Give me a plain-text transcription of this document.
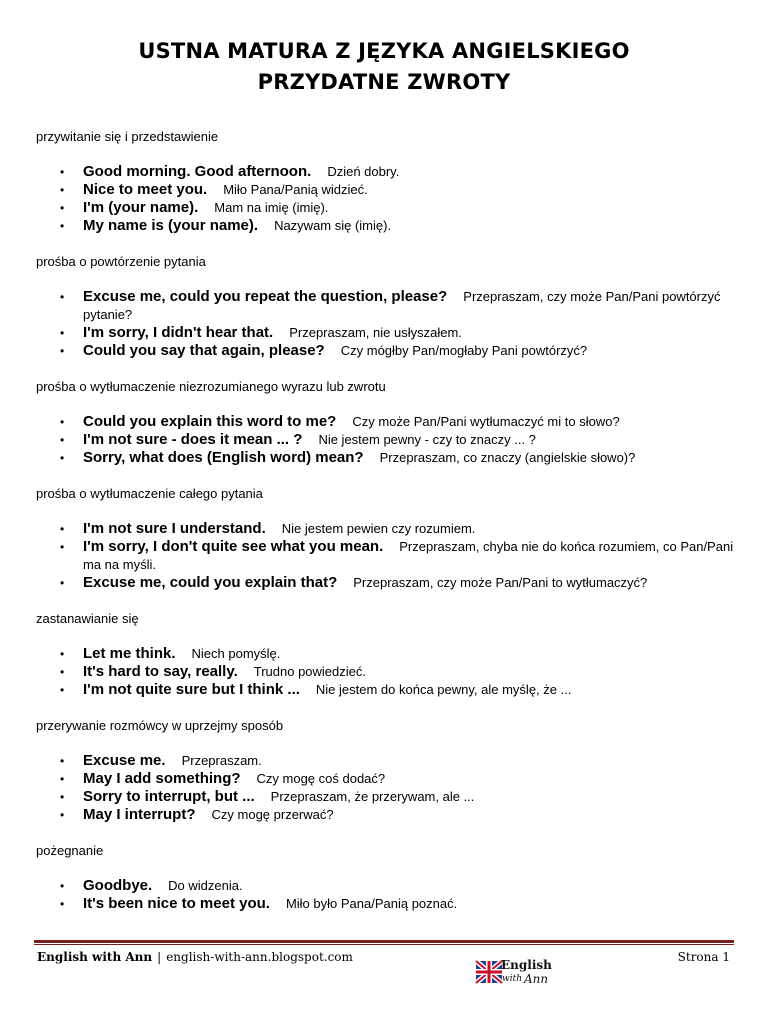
USTNA MATURA Z JĘZYKA ANGIELSKIEGO
PRZYDATNE ZWROTY
przywitanie się i przedstawienie
• Good morning. Good afternoon. Dzień dobry.
• Nice to meet you. Miło Pana/Panią widzieć.
• I'm (your name). Mam na imię (imię).
• My name is (your name). Nazywam się (imię).
prośba o powtórzenie pytania
• Excuse me, could you repeat the question, please? Przepraszam, czy może Pan/Pani powtórzyć pytanie?
• I'm sorry, I didn't hear that. Przepraszam, nie usłyszałem.
• Could you say that again, please? Czy mógłby Pan/mogłaby Pani powtórzyć?
prośba o wytłumaczenie niezrozumianego wyrazu lub zwrotu
• Could you explain this word to me? Czy może Pan/Pani wytłumaczyć mi to słowo?
• I'm not sure - does it mean ... ? Nie jestem pewny - czy to znaczy ... ?
• Sorry, what does (English word) mean? Przepraszam, co znaczy (angielskie słowo)?
prośba o wytłumaczenie całego pytania
• I'm not sure I understand. Nie jestem pewien czy rozumiem.
• I'm sorry, I don't quite see what you mean. Przepraszam, chyba nie do końca rozumiem, co Pan/Pani ma na myśli.
• Excuse me, could you explain that? Przepraszam, czy może Pan/Pani to wytłumaczyć?
zastanawianie się
• Let me think. Niech pomyślę.
• It's hard to say, really. Trudno powiedzieć.
• I'm not quite sure but I think ... Nie jestem do końca pewny, ale myślę, że ...
przerywanie rozmówcy w uprzejmy sposób
• Excuse me. Przepraszam.
• May I add something? Czy mogę coś dodać?
• Sorry to interrupt, but ... Przepraszam, że przerywam, ale ...
• May I interrupt? Czy mogę przerwać?
pożegnanie
• Goodbye. Do widzenia.
• It's been nice to meet you. Miło było Pana/Panią poznać.
English with Ann | english-with-ann.blogspot.com
English
with Ann
Strona 1
